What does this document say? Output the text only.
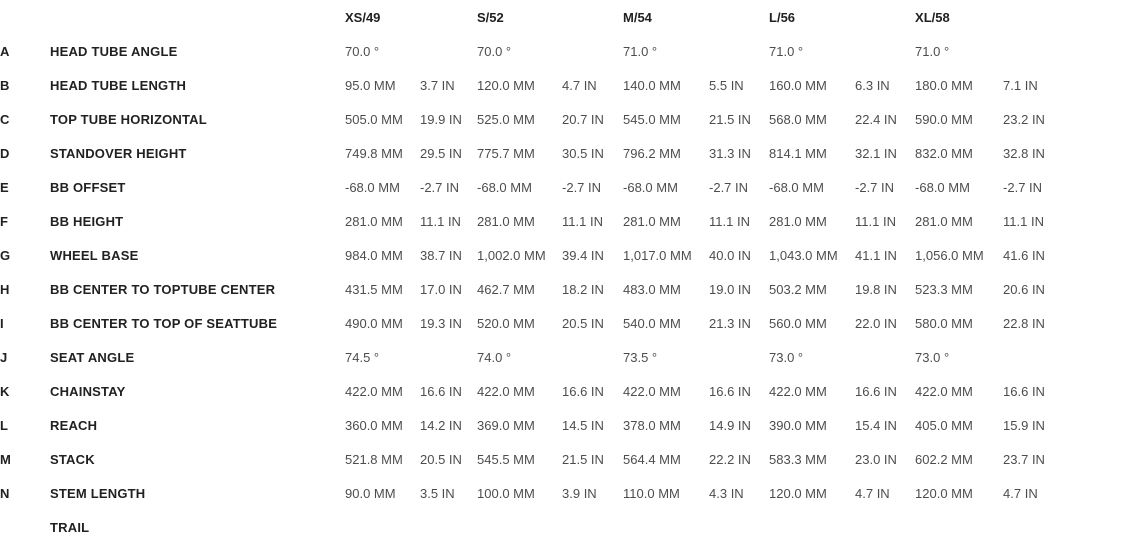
		XS/49		S/52		M/54		L/56		XL/58	
A	HEAD TUBE ANGLE	70.0 °		70.0 °		71.0 °		71.0 °		71.0 °	
B	HEAD TUBE LENGTH	95.0 MM	3.7 IN	120.0 MM	4.7 IN	140.0 MM	5.5 IN	160.0 MM	6.3 IN	180.0 MM	7.1 IN
C	TOP TUBE HORIZONTAL	505.0 MM	19.9 IN	525.0 MM	20.7 IN	545.0 MM	21.5 IN	568.0 MM	22.4 IN	590.0 MM	23.2 IN
D	STANDOVER HEIGHT	749.8 MM	29.5 IN	775.7 MM	30.5 IN	796.2 MM	31.3 IN	814.1 MM	32.1 IN	832.0 MM	32.8 IN
E	BB OFFSET	-68.0 MM	-2.7 IN	-68.0 MM	-2.7 IN	-68.0 MM	-2.7 IN	-68.0 MM	-2.7 IN	-68.0 MM	-2.7 IN
F	BB HEIGHT	281.0 MM	11.1 IN	281.0 MM	11.1 IN	281.0 MM	11.1 IN	281.0 MM	11.1 IN	281.0 MM	11.1 IN
G	WHEEL BASE	984.0 MM	38.7 IN	1,002.0 MM	39.4 IN	1,017.0 MM	40.0 IN	1,043.0 MM	41.1 IN	1,056.0 MM	41.6 IN
H	BB CENTER TO TOPTUBE CENTER	431.5 MM	17.0 IN	462.7 MM	18.2 IN	483.0 MM	19.0 IN	503.2 MM	19.8 IN	523.3 MM	20.6 IN
I	BB CENTER TO TOP OF SEATTUBE	490.0 MM	19.3 IN	520.0 MM	20.5 IN	540.0 MM	21.3 IN	560.0 MM	22.0 IN	580.0 MM	22.8 IN
J	SEAT ANGLE	74.5 °		74.0 °		73.5 °		73.0 °		73.0 °	
K	CHAINSTAY	422.0 MM	16.6 IN	422.0 MM	16.6 IN	422.0 MM	16.6 IN	422.0 MM	16.6 IN	422.0 MM	16.6 IN
L	REACH	360.0 MM	14.2 IN	369.0 MM	14.5 IN	378.0 MM	14.9 IN	390.0 MM	15.4 IN	405.0 MM	15.9 IN
M	STACK	521.8 MM	20.5 IN	545.5 MM	21.5 IN	564.4 MM	22.2 IN	583.3 MM	23.0 IN	602.2 MM	23.7 IN
N	STEM LENGTH	90.0 MM	3.5 IN	100.0 MM	3.9 IN	110.0 MM	4.3 IN	120.0 MM	4.7 IN	120.0 MM	4.7 IN
	TRAIL										
